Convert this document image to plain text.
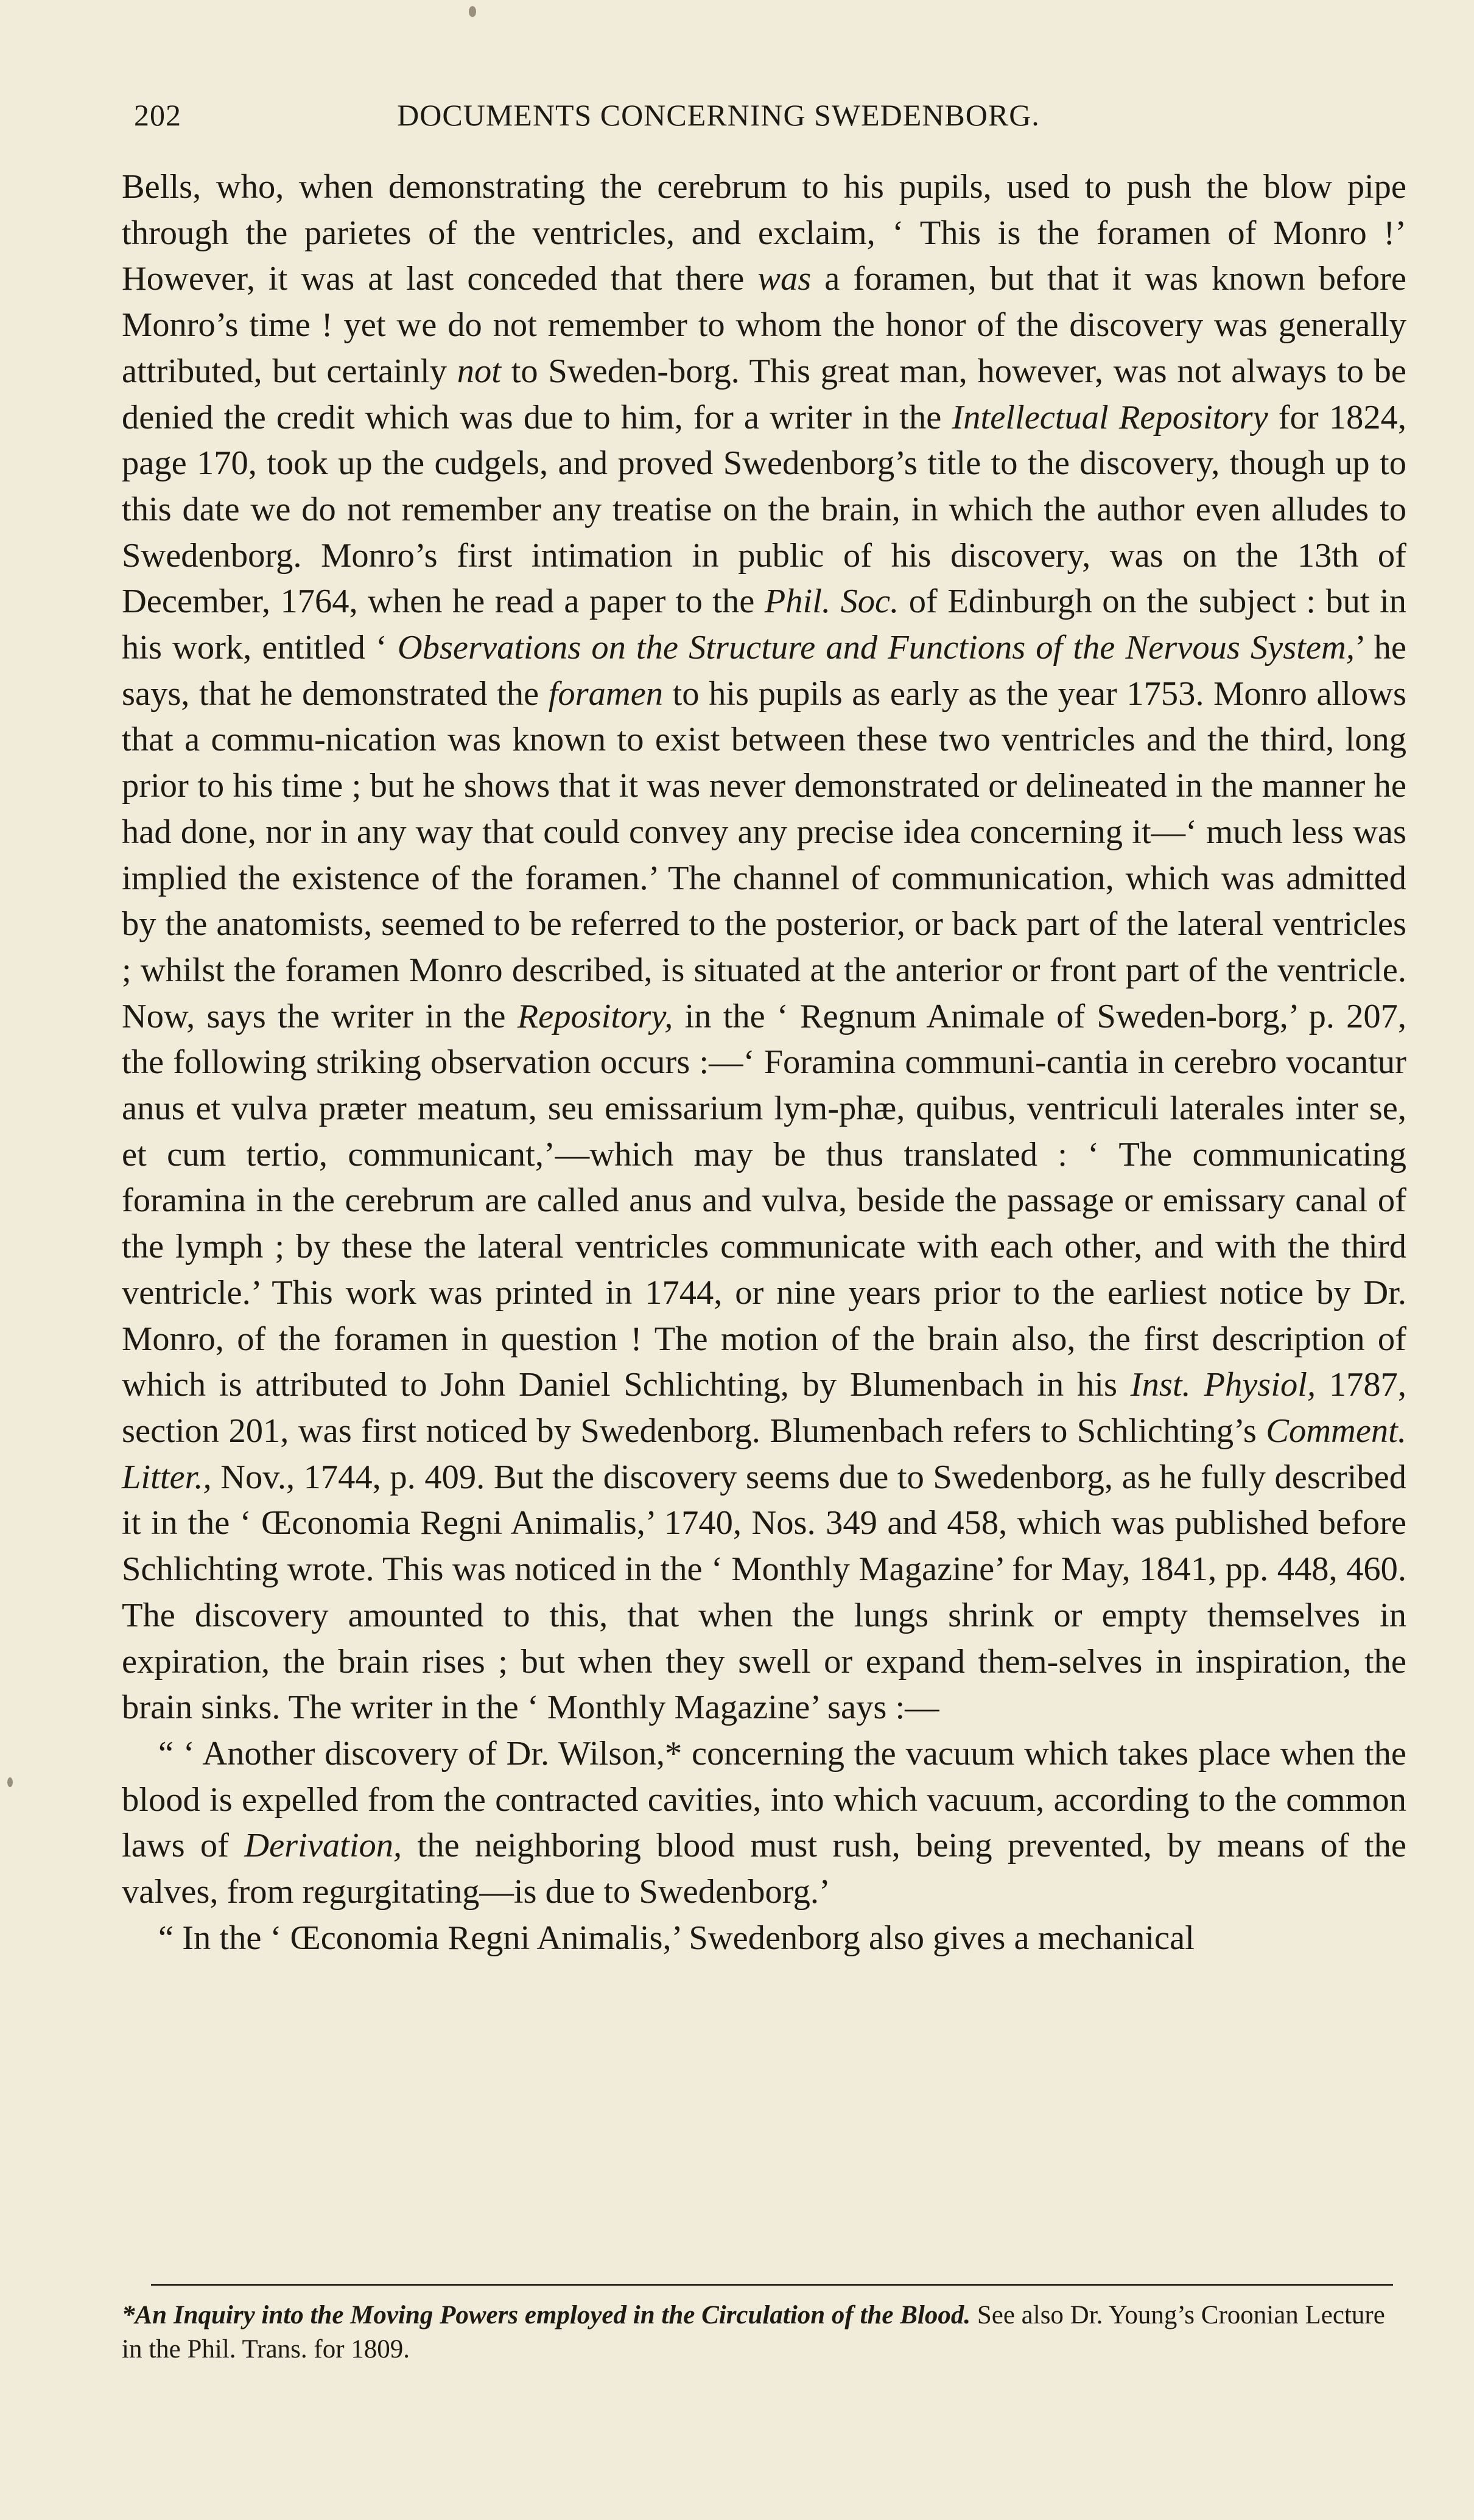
202	DOCUMENTS CONCERNING SWEDENBORG.

Bells, who, when demonstrating the cerebrum to his pupils, used to push the blow pipe through the parietes of the ventricles, and exclaim, ‘ This is the foramen of Monro !’ However, it was at last conceded that there was a foramen, but that it was known before Monro’s time ! yet we do not remember to whom the honor of the discovery was generally attributed, but certainly not to Sweden-borg. This great man, however, was not always to be denied the credit which was due to him, for a writer in the Intellectual Repository for 1824, page 170, took up the cudgels, and proved Swedenborg’s title to the discovery, though up to this date we do not remember any treatise on the brain, in which the author even alludes to Swedenborg. Monro’s first intimation in public of his discovery, was on the 13th of December, 1764, when he read a paper to the Phil. Soc. of Edinburgh on the subject : but in his work, entitled ‘ Observations on the Structure and Functions of the Nervous System,’ he says, that he demonstrated the foramen to his pupils as early as the year 1753. Monro allows that a commu-nication was known to exist between these two ventricles and the third, long prior to his time ; but he shows that it was never demonstrated or delineated in the manner he had done, nor in any way that could convey any precise idea concerning it—‘ much less was implied the existence of the foramen.’ The channel of communication, which was admitted by the anatomists, seemed to be referred to the posterior, or back part of the lateral ventricles ; whilst the foramen Monro described, is situated at the anterior or front part of the ventricle. Now, says the writer in the Repository, in the ‘ Regnum Animale of Sweden-borg,’ p. 207, the following striking observation occurs :—‘ Foramina communi-cantia in cerebro vocantur anus et vulva præter meatum, seu emissarium lym-phæ, quibus, ventriculi laterales inter se, et cum tertio, communicant,’—which may be thus translated : ‘ The communicating foramina in the cerebrum are called anus and vulva, beside the passage or emissary canal of the lymph ; by these the lateral ventricles communicate with each other, and with the third ventricle.’ This work was printed in 1744, or nine years prior to the earliest notice by Dr. Monro, of the foramen in question ! The motion of the brain also, the first description of which is attributed to John Daniel Schlichting, by Blumenbach in his Inst. Physiol, 1787, section 201, was first noticed by Swedenborg. Blumenbach refers to Schlichting’s Comment. Litter., Nov., 1744, p. 409. But the discovery seems due to Swedenborg, as he fully described it in the ‘ Œconomia Regni Animalis,’ 1740, Nos. 349 and 458, which was published before Schlichting wrote. This was noticed in the ‘ Monthly Magazine’ for May, 1841, pp. 448, 460. The discovery amounted to this, that when the lungs shrink or empty themselves in expiration, the brain rises ; but when they swell or expand them-selves in inspiration, the brain sinks. The writer in the ‘ Monthly Magazine’ says :—

“ ‘ Another discovery of Dr. Wilson,* concerning the vacuum which takes place when the blood is expelled from the contracted cavities, into which vacuum, according to the common laws of Derivation, the neighboring blood must rush, being prevented, by means of the valves, from regurgitating—is due to Swedenborg.’

“ In the ‘ Œconomia Regni Animalis,’ Swedenborg also gives a mechanical

*An Inquiry into the Moving Powers employed in the Circulation of the Blood. See also Dr. Young’s Croonian Lecture in the Phil. Trans. for 1809.
